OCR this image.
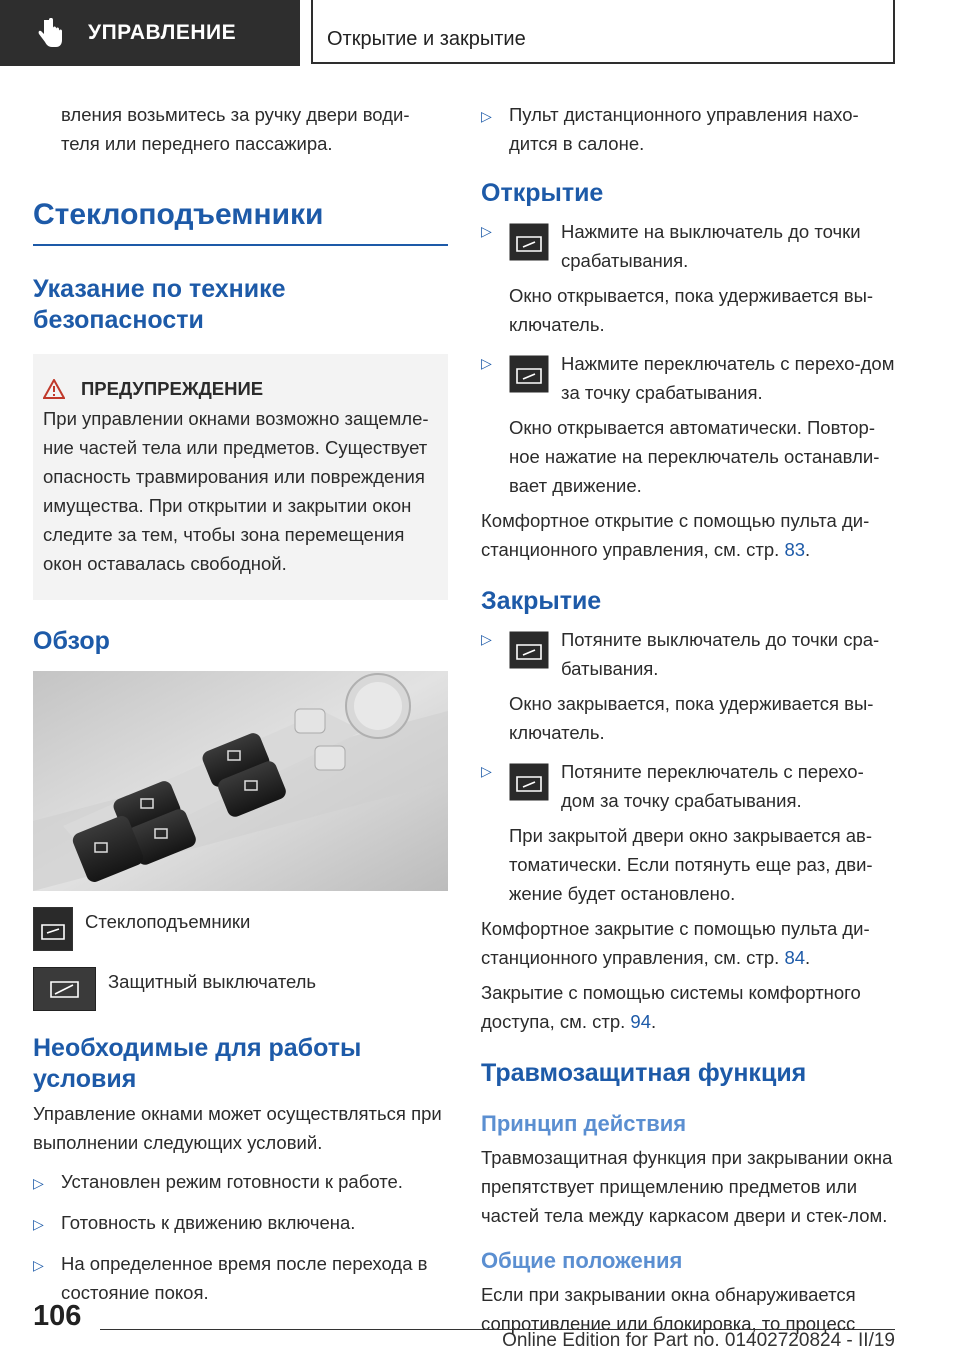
УПРАВЛЕНИЕ	Открытие и закрытие

вления возьмитесь за ручку двери води-теля или переднего пассажира.

Стеклоподъемники
Указание по технике безопасности
ПРЕДУПРЕЖДЕНИЕ

При управлении окнами возможно защемле-ние частей тела или предметов. Существует опасность травмирования или повреждения имущества. При открытии и закрытии окон следите за тем, чтобы зона перемещения окон оставалась свободной.

Обзор
Стеклоподъемники
Защитный выключатель
Необходимые для работы условия

Управление окнами может осуществляться при выполнении следующих условий.

▷ Установлен режим готовности к работе.
▷ Готовность к движению включена.
▷ На определенное время после перехода в состояние покоя.
▷ Пульт дистанционного управления нахо-дится в салоне.
Открытие
▷	Нажмите на выключатель до точки срабатывания.

Окно открывается, пока удерживается вы-ключатель.

▷	Нажмите переключатель с перехо-дом за точку срабатывания.

Окно открывается автоматически. Повтор-ное нажатие на переключатель останавли-вает движение.

Комфортное открытие с помощью пульта ди-станционного управления, см. стр. 83.

Закрытие
▷	Потяните выключатель до точки сра-батывания.

Окно закрывается, пока удерживается вы-ключатель.

▷	Потяните переключатель с перехо-дом за точку срабатывания.

При закрытой двери окно закрывается ав-томатически. Если потянуть еще раз, дви-жение будет остановлено.

Комфортное закрытие с помощью пульта ди-станционного управления, см. стр. 84.

Закрытие с помощью системы комфортного доступа, см. стр. 94.

Травмозащитная функция
Принцип действия

Травмозащитная функция при закрывании окна препятствует прищемлению предметов или частей тела между каркасом двери и стек-лом.

Общие положения

Если при закрывании окна обнаруживается сопротивление или блокировка, то процесс

106
Online Edition for Part no. 01402720824 - II/19
